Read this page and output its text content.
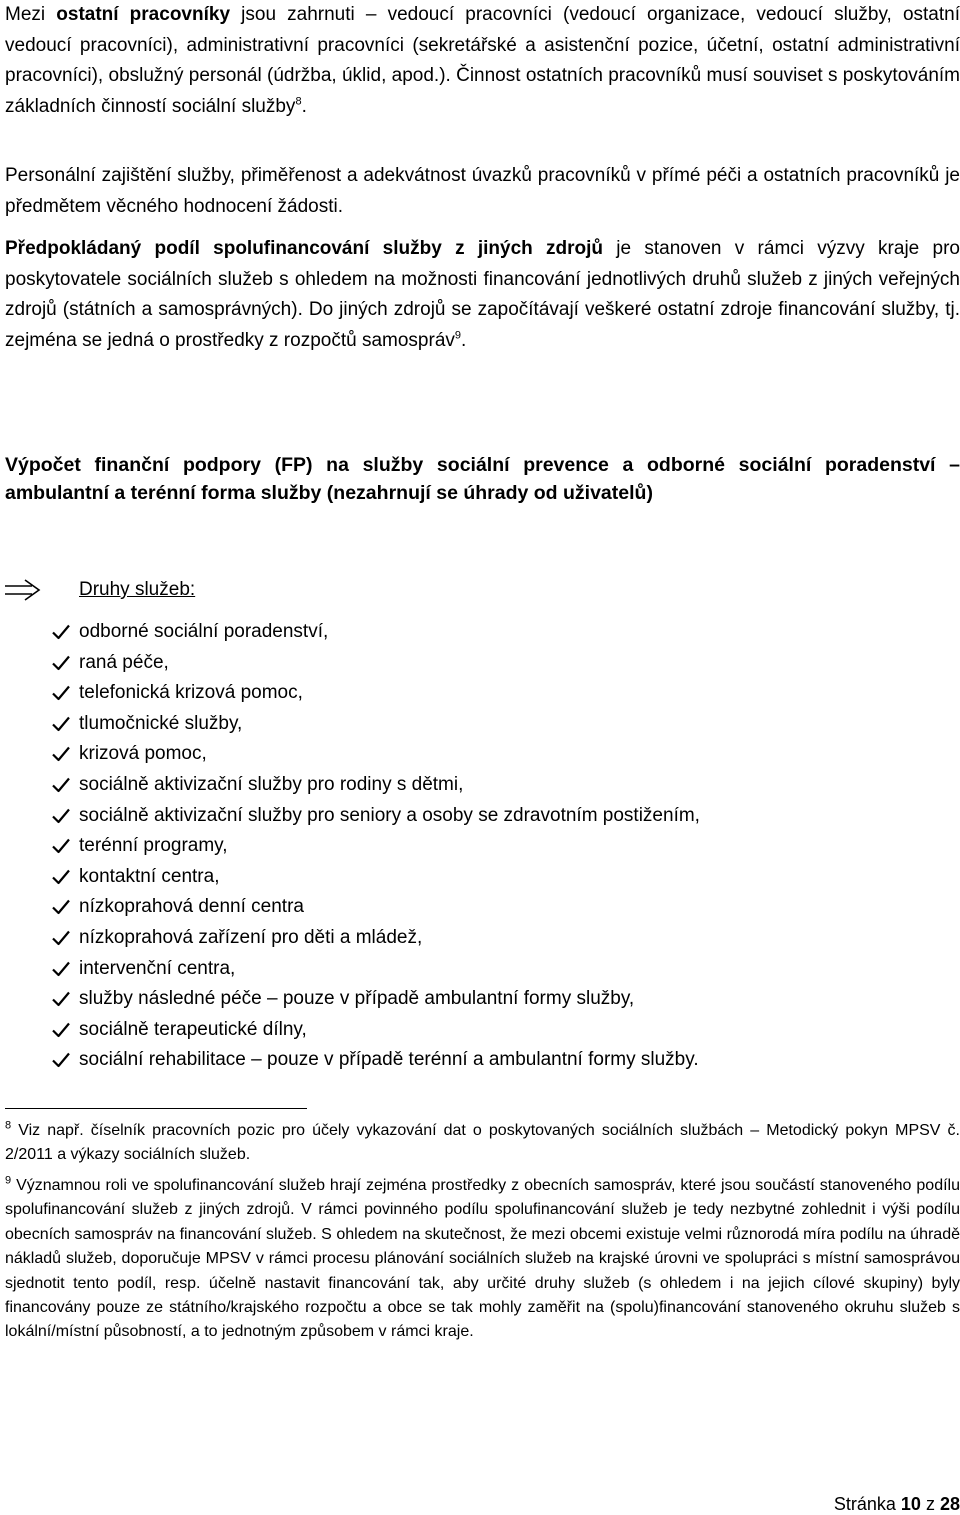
Mezi ostatní pracovníky jsou zahrnuti – vedoucí pracovníci (vedoucí organizace, vedoucí služby, ostatní vedoucí pracovníci), administrativní pracovníci (sekretářské a asistenční pozice, účetní, ostatní administrativní pracovníci), obslužný personál (údržba, úklid, apod.). Činnost ostatních pracovníků musí souviset s poskytováním základních činností sociální služby$^8$.

Personální zajištění služby, přiměřenost a adekvátnost úvazků pracovníků v přímé péči a ostatních pracovníků je předmětem věcného hodnocení žádosti.

Předpokládaný podíl spolufinancování služby z jiných zdrojů je stanoven v rámci výzvy kraje pro poskytovatele sociálních služeb s ohledem na možnosti financování jednotlivých druhů služeb z jiných veřejných zdrojů (státních a samosprávných). Do jiných zdrojů se započítávají veškeré ostatní zdroje financování služby, tj. zejména se jedná o prostředky z rozpočtů samospráv$^9$.

Výpočet finanční podpory (FP) na služby sociální prevence a odborné sociální poradenství – ambulantní a terénní forma služby (nezahrnují se úhrady od uživatelů)

Druhy služeb:
odborné sociální poradenství,
raná péče,
telefonická krizová pomoc,
tlumočnické služby,
krizová pomoc,
sociálně aktivizační služby pro rodiny s dětmi,
sociálně aktivizační služby pro seniory a osoby se zdravotním postižením,
terénní programy,
kontaktní centra,
nízkoprahová denní centra
nízkoprahová zařízení pro děti a mládež,
intervenční centra,
služby následné péče – pouze v případě ambulantní formy služby,
sociálně terapeutické dílny,
sociální rehabilitace – pouze v případě terénní a ambulantní formy služby.

$^8$ Viz např. číselník pracovních pozic pro účely vykazování dat o poskytovaných sociálních službách – Metodický pokyn MPSV č. 2/2011 a výkazy sociálních služeb.

$^9$ Významnou roli ve spolufinancování služeb hrají zejména prostředky z obecních samospráv, které jsou součástí stanoveného podílu spolufinancování služeb z jiných zdrojů. V rámci povinného podílu spolufinancování služeb je tedy nezbytné zohlednit i výši podílu obecních samospráv na financování služeb. S ohledem na skutečnost, že mezi obcemi existuje velmi různorodá míra podílu na úhradě nákladů služeb, doporučuje MPSV v rámci procesu plánování sociálních služeb na krajské úrovni ve spolupráci s místní samosprávou sjednotit tento podíl, resp. účelně nastavit financování tak, aby určité druhy služeb (s ohledem i na jejich cílové skupiny) byly financovány pouze ze státního/krajského rozpočtu a obce se tak mohly zaměřit na (spolu)financování stanoveného okruhu služeb s lokální/místní působností, a to jednotným způsobem v rámci kraje.

Stránka 10 z 28
